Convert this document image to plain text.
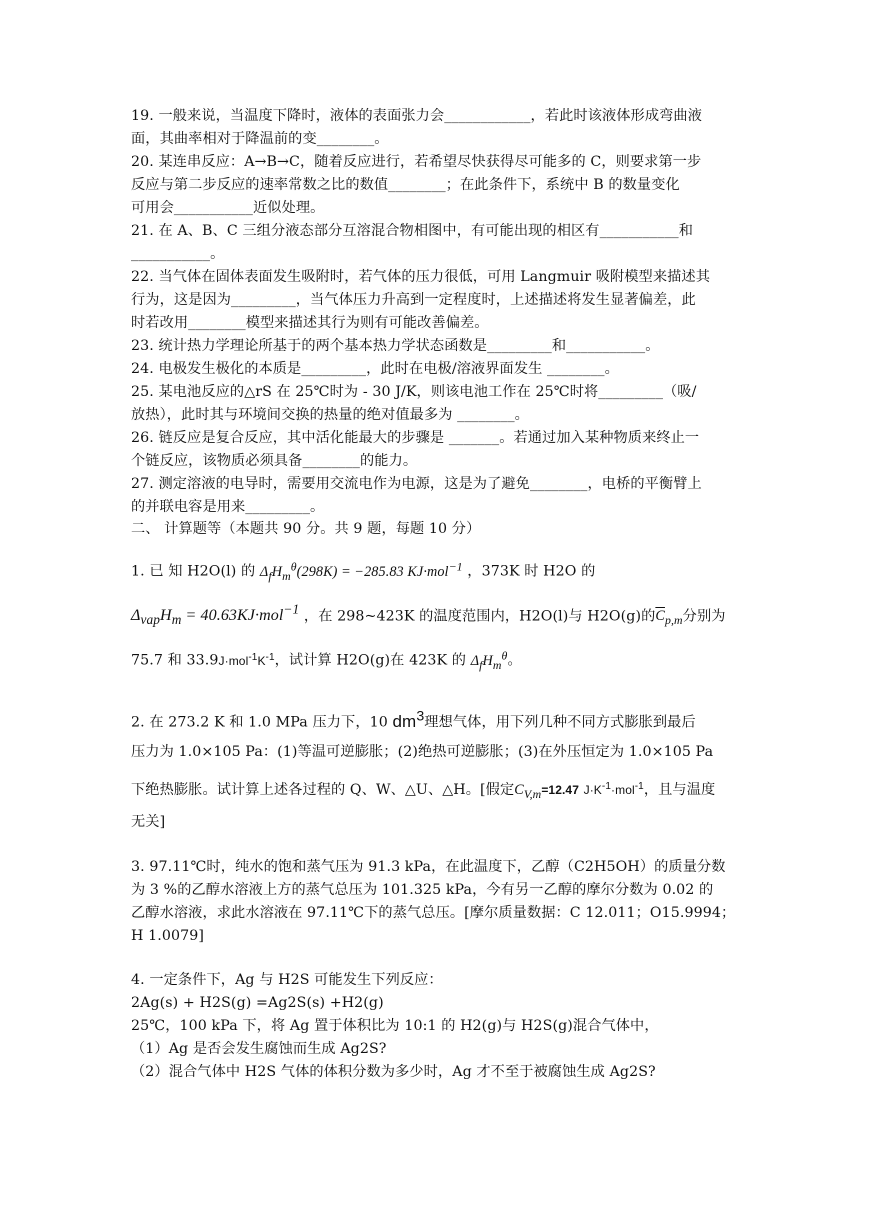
19. 一般来说，当温度下降时，液体的表面张力会____________，若此时该液体形成弯曲液
面，其曲率相对于降温前的变________。
20. 某连串反应：A→B→C，随着反应进行，若希望尽快获得尽可能多的 C，则要求第一步
反应与第二步反应的速率常数之比的数值________；在此条件下，系统中 B 的数量变化
可用会___________近似处理。
21. 在 A、B、C 三组分液态部分互溶混合物相图中，有可能出现的相区有___________和
___________。
22. 当气体在固体表面发生吸附时，若气体的压力很低，可用 Langmuir 吸附模型来描述其
行为，这是因为_________，当气体压力升高到一定程度时，上述描述将发生显著偏差，此
时若改用________模型来描述其行为则有可能改善偏差。
23. 统计热力学理论所基于的两个基本热力学状态函数是_________和___________。
24. 电极发生极化的本质是_________，此时在电极/溶液界面发生 ________。
25. 某电池反应的△rS 在 25℃时为 - 30 J/K，则该电池工作在 25℃时将_________（吸/
放热），此时其与环境间交换的热量的绝对值最多为 ________。
26. 链反应是复合反应，其中活化能最大的步骤是 _______。若通过加入某种物质来终止一
个链反应，该物质必须具备________的能力。
27. 测定溶液的电导时，需要用交流电作为电源，这是为了避免________，电桥的平衡臂上
的并联电容是用来_________。
二、 计算题等（本题共 90 分。共 9 题，每题 10 分）
1. 已 知 H2O(l) 的 $\Delta_fH_m^\theta(298K) = -285.83$ KJ·mol$^{-1}$ ，373K 时 H2O 的
$\Delta_{vap}H_m = 40.63KJ\cdot mol^{-1}$ ，在 298~423K 的温度范围内，H2O(l)与 H2O(g)的$\overline{C}_{p,m}$分别为
75.7 和 $33.9J\cdot mol^{-1}K^{-1}$，试计算 H2O(g)在 423K 的 $\Delta_fH_m^\theta$。
2. 在 273.2 K 和 1.0 MPa 压力下，10 $dm^3$理想气体，用下列几种不同方式膨胀到最后
压力为 1.0×105 Pa：(1)等温可逆膨胀；(2)绝热可逆膨胀；(3)在外压恒定为 1.0×105 Pa
下绝热膨胀。试计算上述各过程的 Q、W、△U、△H。[假定$C_{V,m}=12.47$ $J\cdot K^{-1}\cdot mol^{-1}$，且与温度
无关]
3. 97.11℃时，纯水的饱和蒸气压为 91.3 kPa，在此温度下，乙醇（C2H5OH）的质量分数
为 3 %的乙醇水溶液上方的蒸气总压为 101.325 kPa，今有另一乙醇的摩尔分数为 0.02 的
乙醇水溶液，求此水溶液在 97.11℃下的蒸气总压。[摩尔质量数据：C 12.011；O15.9994；
H 1.0079]
4. 一定条件下，Ag 与 H2S 可能发生下列反应：
2Ag(s) + H2S(g) =Ag2S(s) +H2(g)
25℃，100 kPa 下，将 Ag 置于体积比为 10:1 的 H2(g)与 H2S(g)混合气体中，
（1）Ag 是否会发生腐蚀而生成 Ag2S?
（2）混合气体中 H2S 气体的体积分数为多少时，Ag 才不至于被腐蚀生成 Ag2S?
